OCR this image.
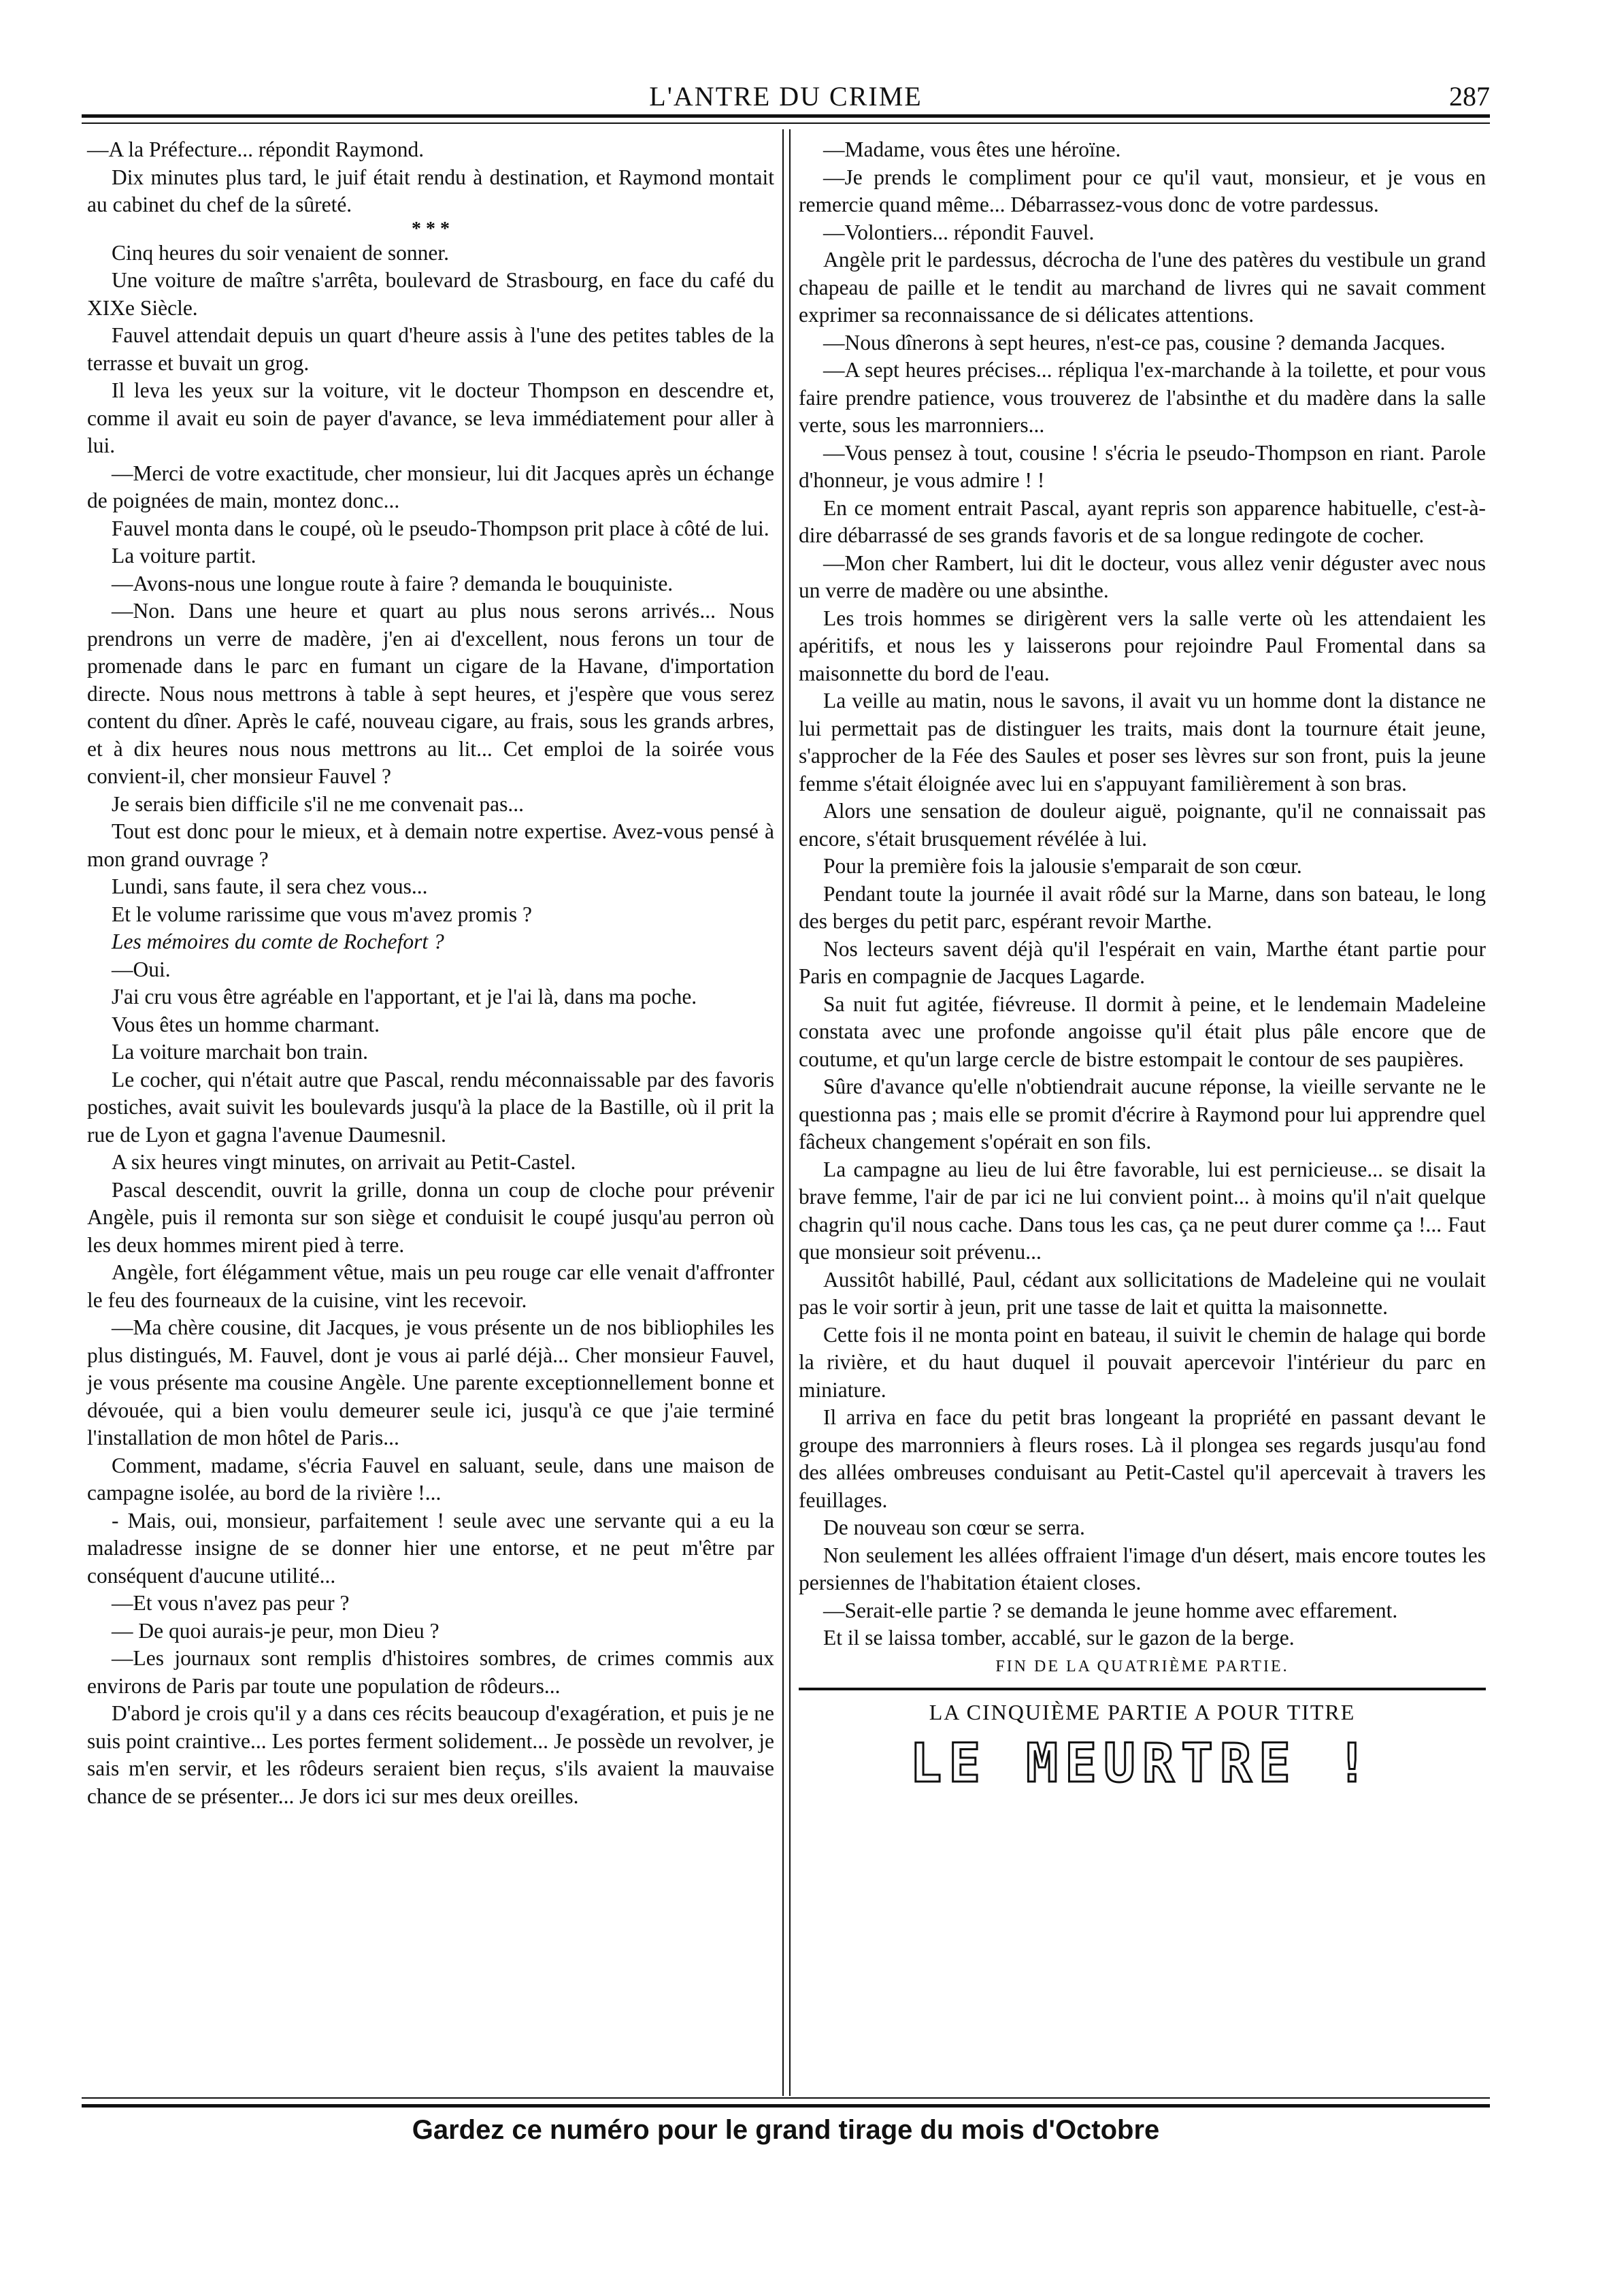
L'ANTRE DU CRIME	287

—A la Préfecture... répondit Raymond.

Dix minutes plus tard, le juif était rendu à destination, et Raymond montait au cabinet du chef de la sûreté.

* * *

Cinq heures du soir venaient de sonner.

Une voiture de maître s'arrêta, boulevard de Strasbourg, en face du café du XIXe Siècle.

Fauvel attendait depuis un quart d'heure assis à l'une des petites tables de la terrasse et buvait un grog.

Il leva les yeux sur la voiture, vit le docteur Thompson en descendre et, comme il avait eu soin de payer d'avance, se leva immédiatement pour aller à lui.

—Merci de votre exactitude, cher monsieur, lui dit Jacques après un échange de poignées de main, montez donc...

Fauvel monta dans le coupé, où le pseudo-Thompson prit place à côté de lui.

La voiture partit.

—Avons-nous une longue route à faire ? demanda le bouquiniste.

—Non. Dans une heure et quart au plus nous serons arrivés... Nous prendrons un verre de madère, j'en ai d'excellent, nous ferons un tour de promenade dans le parc en fumant un cigare de la Havane, d'importation directe. Nous nous mettrons à table à sept heures, et j'espère que vous serez content du dîner. Après le café, nouveau cigare, au frais, sous les grands arbres, et à dix heures nous nous mettrons au lit... Cet emploi de la soirée vous convient-il, cher monsieur Fauvel ?

Je serais bien difficile s'il ne me convenait pas...

Tout est donc pour le mieux, et à demain notre expertise. Avez-vous pensé à mon grand ouvrage ?

Lundi, sans faute, il sera chez vous...

Et le volume rarissime que vous m'avez promis ?

Les mémoires du comte de Rochefort ?

—Oui.

J'ai cru vous être agréable en l'apportant, et je l'ai là, dans ma poche.

Vous êtes un homme charmant.

La voiture marchait bon train.

Le cocher, qui n'était autre que Pascal, rendu méconnaissable par des favoris postiches, avait suivit les boulevards jusqu'à la place de la Bastille, où il prit la rue de Lyon et gagna l'avenue Daumesnil.

A six heures vingt minutes, on arrivait au Petit-Castel.

Pascal descendit, ouvrit la grille, donna un coup de cloche pour prévenir Angèle, puis il remonta sur son siège et conduisit le coupé jusqu'au perron où les deux hommes mirent pied à terre.

Angèle, fort élégamment vêtue, mais un peu rouge car elle venait d'affronter le feu des fourneaux de la cuisine, vint les recevoir.

—Ma chère cousine, dit Jacques, je vous présente un de nos bibliophiles les plus distingués, M. Fauvel, dont je vous ai parlé déjà... Cher monsieur Fauvel, je vous présente ma cousine Angèle. Une parente exceptionnellement bonne et dévouée, qui a bien voulu demeurer seule ici, jusqu'à ce que j'aie terminé l'installation de mon hôtel de Paris...

Comment, madame, s'écria Fauvel en saluant, seule, dans une maison de campagne isolée, au bord de la rivière !...

- Mais, oui, monsieur, parfaitement ! seule avec une servante qui a eu la maladresse insigne de se donner hier une entorse, et ne peut m'être par conséquent d'aucune utilité...

—Et vous n'avez pas peur ?

— De quoi aurais-je peur, mon Dieu ?

—Les journaux sont remplis d'histoires sombres, de crimes commis aux environs de Paris par toute une population de rôdeurs...

D'abord je crois qu'il y a dans ces récits beaucoup d'exagération, et puis je ne suis point craintive... Les portes ferment solidement... Je possède un revolver, je sais m'en servir, et les rôdeurs seraient bien reçus, s'ils avaient la mauvaise chance de se présenter... Je dors ici sur mes deux oreilles.

—Madame, vous êtes une héroïne.

—Je prends le compliment pour ce qu'il vaut, monsieur, et je vous en remercie quand même... Débarrassez-vous donc de votre pardessus.

—Volontiers... répondit Fauvel.

Angèle prit le pardessus, décrocha de l'une des patères du vestibule un grand chapeau de paille et le tendit au marchand de livres qui ne savait comment exprimer sa reconnaissance de si délicates attentions.

—Nous dînerons à sept heures, n'est-ce pas, cousine ? demanda Jacques.

—A sept heures précises... répliqua l'ex-marchande à la toilette, et pour vous faire prendre patience, vous trouverez de l'absinthe et du madère dans la salle verte, sous les marronniers...

—Vous pensez à tout, cousine ! s'écria le pseudo-Thompson en riant. Parole d'honneur, je vous admire ! !

En ce moment entrait Pascal, ayant repris son apparence habituelle, c'est-à-dire débarrassé de ses grands favoris et de sa longue redingote de cocher.

—Mon cher Rambert, lui dit le docteur, vous allez venir déguster avec nous un verre de madère ou une absinthe.

Les trois hommes se dirigèrent vers la salle verte où les attendaient les apéritifs, et nous les y laisserons pour rejoindre Paul Fromental dans sa maisonnette du bord de l'eau.

La veille au matin, nous le savons, il avait vu un homme dont la distance ne lui permettait pas de distinguer les traits, mais dont la tournure était jeune, s'approcher de la Fée des Saules et poser ses lèvres sur son front, puis la jeune femme s'était éloignée avec lui en s'appuyant familièrement à son bras.

Alors une sensation de douleur aiguë, poignante, qu'il ne connaissait pas encore, s'était brusquement révélée à lui.

Pour la première fois la jalousie s'emparait de son cœur.

Pendant toute la journée il avait rôdé sur la Marne, dans son bateau, le long des berges du petit parc, espérant revoir Marthe.

Nos lecteurs savent déjà qu'il l'espérait en vain, Marthe étant partie pour Paris en compagnie de Jacques Lagarde.

Sa nuit fut agitée, fiévreuse. Il dormit à peine, et le lendemain Madeleine constata avec une profonde angoisse qu'il était plus pâle encore que de coutume, et qu'un large cercle de bistre estompait le contour de ses paupières.

Sûre d'avance qu'elle n'obtiendrait aucune réponse, la vieille servante ne le questionna pas ; mais elle se promit d'écrire à Raymond pour lui apprendre quel fâcheux changement s'opérait en son fils.

La campagne au lieu de lui être favorable, lui est pernicieuse... se disait la brave femme, l'air de par ici ne lui convient point... à moins qu'il n'ait quelque chagrin qu'il nous cache. Dans tous les cas, ça ne peut durer comme ça !... Faut que monsieur soit prévenu...

Aussitôt habillé, Paul, cédant aux sollicitations de Madeleine qui ne voulait pas le voir sortir à jeun, prit une tasse de lait et quitta la maisonnette.

Cette fois il ne monta point en bateau, il suivit le chemin de halage qui borde la rivière, et du haut duquel il pouvait apercevoir l'intérieur du parc en miniature.

Il arriva en face du petit bras longeant la propriété en passant devant le groupe des marronniers à fleurs roses. Là il plongea ses regards jusqu'au fond des allées ombreuses conduisant au Petit-Castel qu'il apercevait à travers les feuillages.

De nouveau son cœur se serra.

Non seulement les allées offraient l'image d'un désert, mais encore toutes les persiennes de l'habitation étaient closes.

—Serait-elle partie ? se demanda le jeune homme avec effarement.

Et il se laissa tomber, accablé, sur le gazon de la berge.

FIN DE LA QUATRIÈME PARTIE.
LA CINQUIÈME PARTIE A POUR TITRE
LE MEURTRE !
Gardez ce numéro pour le grand tirage du mois d'Octobre
